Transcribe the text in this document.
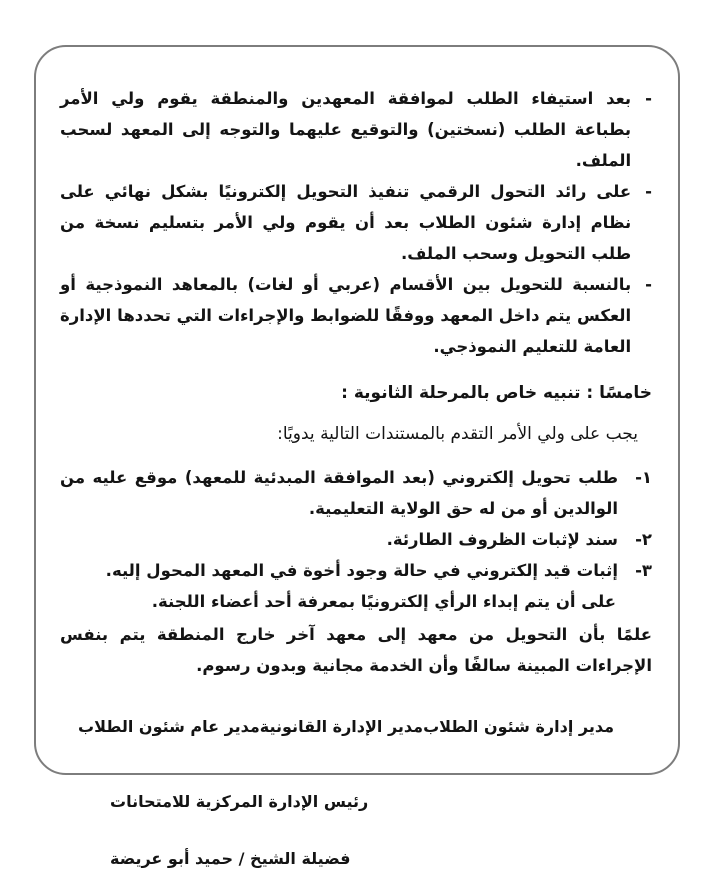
-
بعد استيفاء الطلب لموافقة المعهدين والمنطقة يقوم ولي الأمر بطباعة الطلب (نسختين) والتوقيع عليهما والتوجه إلى المعهد لسحب الملف.
-
على رائد التحول الرقمي تنفيذ التحويل إلكترونيًا بشكل نهائي على نظام إدارة شئون الطلاب بعد أن يقوم ولي الأمر بتسليم نسخة من طلب التحويل وسحب الملف.
-
بالنسبة للتحويل بين الأقسام (عربي أو لغات) بالمعاهد النموذجية أو العكس يتم داخل المعهد ووفقًا للضوابط والإجراءات التي تحددها الإدارة العامة للتعليم النموذجي.
خامسًا : تنبيه خاص بالمرحلة الثانوية :
يجب على ولي الأمر التقدم بالمستندات التالية يدويًا:
١-
طلب تحويل إلكتروني (بعد الموافقة المبدئية للمعهد) موقع عليه من الوالدين أو من له حق الولاية التعليمية.
٢-
سند لإثبات الظروف الطارئة.
٣-
إثبات قيد إلكتروني في حالة وجود أخوة في المعهد المحول إليه.
على أن يتم إبداء الرأي إلكترونيًا بمعرفة أحد أعضاء اللجنة.
علمًا بأن التحويل من معهد إلى معهد آخر خارج المنطقة يتم بنفس الإجراءات المبينة سالفًا وأن الخدمة مجانية وبدون رسوم.
مدير إدارة شئون الطلاب
مدير الإدارة القانونية
مدير عام شئون الطلاب
رئيس الإدارة المركزية للامتحانات
فضيلة الشيخ / حميد أبو عريضة
